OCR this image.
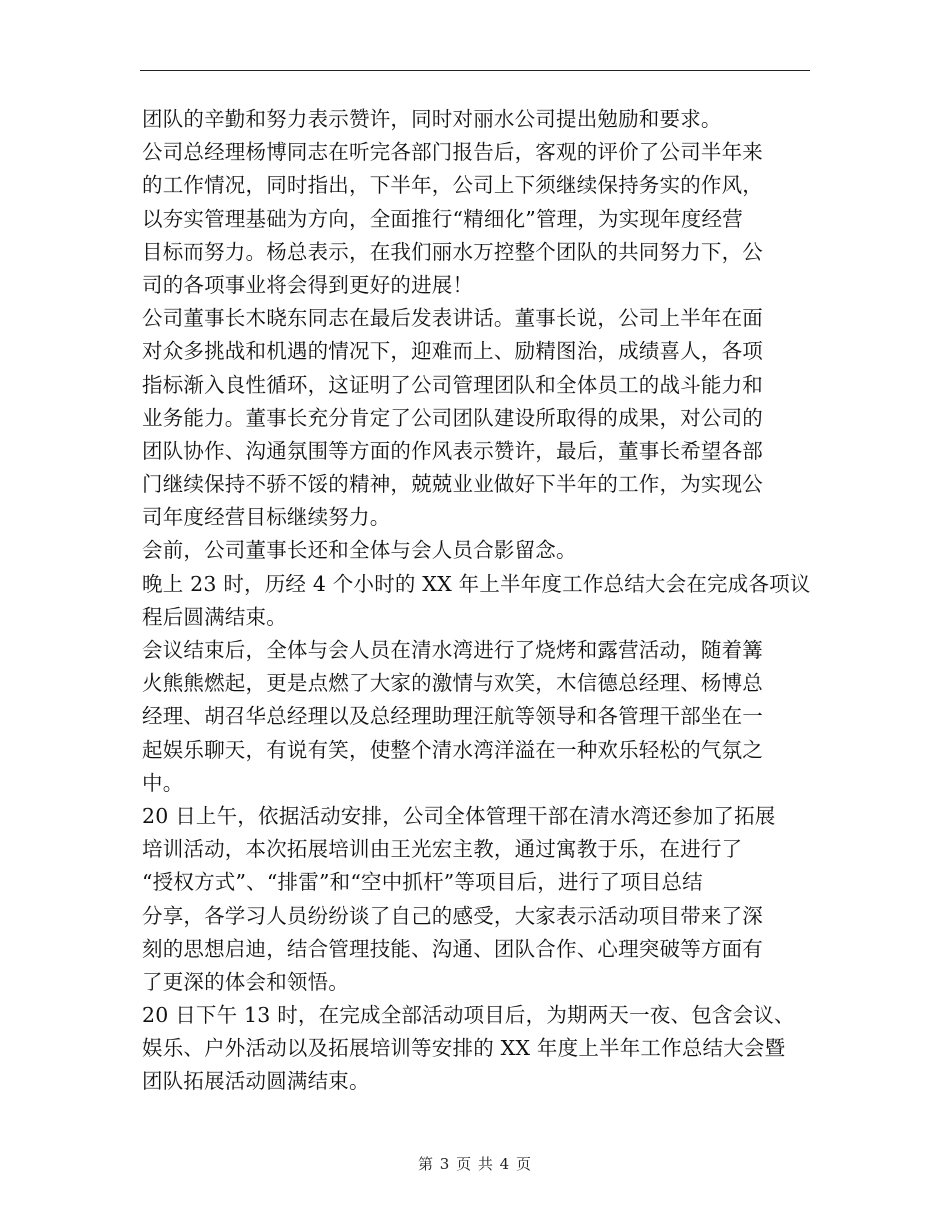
团队的辛勤和努力表示赞许，同时对丽水公司提出勉励和要求。
公司总经理杨博同志在听完各部门报告后，客观的评价了公司半年来
的工作情况，同时指出，下半年，公司上下须继续保持务实的作风，
以夯实管理基础为方向，全面推行“精细化”管理，为实现年度经营
目标而努力。杨总表示，在我们丽水万控整个团队的共同努力下，公
司的各项事业将会得到更好的进展！
公司董事长木晓东同志在最后发表讲话。董事长说，公司上半年在面
对众多挑战和机遇的情况下，迎难而上、励精图治，成绩喜人，各项
指标渐入良性循环，这证明了公司管理团队和全体员工的战斗能力和
业务能力。董事长充分肯定了公司团队建设所取得的成果，对公司的
团队协作、沟通氛围等方面的作风表示赞许，最后，董事长希望各部
门继续保持不骄不馁的精神，兢兢业业做好下半年的工作，为实现公
司年度经营目标继续努力。
会前，公司董事长还和全体与会人员合影留念。
晚上 23 时，历经 4 个小时的 XX 年上半年度工作总结大会在完成各项议
程后圆满结束。
会议结束后，全体与会人员在清水湾进行了烧烤和露营活动，随着篝
火熊熊燃起，更是点燃了大家的激情与欢笑，木信德总经理、杨博总
经理、胡召华总经理以及总经理助理汪航等领导和各管理干部坐在一
起娱乐聊天，有说有笑，使整个清水湾洋溢在一种欢乐轻松的气氛之
中。
20 日上午，依据活动安排，公司全体管理干部在清水湾还参加了拓展
培训活动，本次拓展培训由王光宏主教，通过寓教于乐，在进行了
“授权方式”、“排雷”和“空中抓杆”等项目后，进行了项目总结
分享，各学习人员纷纷谈了自己的感受，大家表示活动项目带来了深
刻的思想启迪，结合管理技能、沟通、团队合作、心理突破等方面有
了更深的体会和领悟。
20 日下午 13 时，在完成全部活动项目后，为期两天一夜、包含会议、
娱乐、户外活动以及拓展培训等安排的 XX 年度上半年工作总结大会暨
团队拓展活动圆满结束。
第 3 页 共 4 页
